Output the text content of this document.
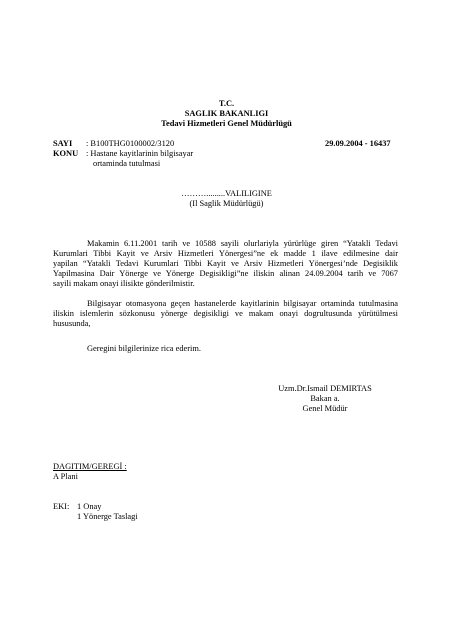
T.C.
SAGLIK BAKANLIGI
Tedavi Hizmetleri Genel Müdürlügü
SAYI : B100THG0100002/3120	29.09.2004 - 16437
KONU : Hastane kayitlarinin bilgisayar
ortaminda tutulmasi
……….........VALILIGINE
(Il Saglik Müdürlügü)
Makamin 6.11.2001 tarih ve 10588 sayili olurlariyla yürürlüge giren “Yatakli Tedavi
Kurumlari Tibbi Kayit ve Arsiv Hizmetleri Yönergesi”ne ek madde 1 ilave edilmesine dair
yapilan “Yatakli Tedavi Kurumlari Tibbi Kayit ve Arsiv Hizmetleri Yönergesi’nde Degisiklik
Yapilmasina Dair Yönerge ve Yönerge Degisikligi”ne iliskin alinan 24.09.2004 tarih ve 7067
sayili makam onayi ilisikte gönderilmistir.
Bilgisayar otomasyona geçen hastanelerde kayitlarinin bilgisayar ortaminda tutulmasina
iliskin islemlerin sözkonusu yönerge degisikligi ve makam onayi dogrultusunda yürütülmesi
hususunda,
Geregini bilgilerinize rica ederim.
Uzm.Dr.Ismail DEMIRTAS
Bakan a.
Genel Müdür
DAGITIM/GEREGİ :
A Plani
EKI: 1 Onay
1 Yönerge Taslagi
